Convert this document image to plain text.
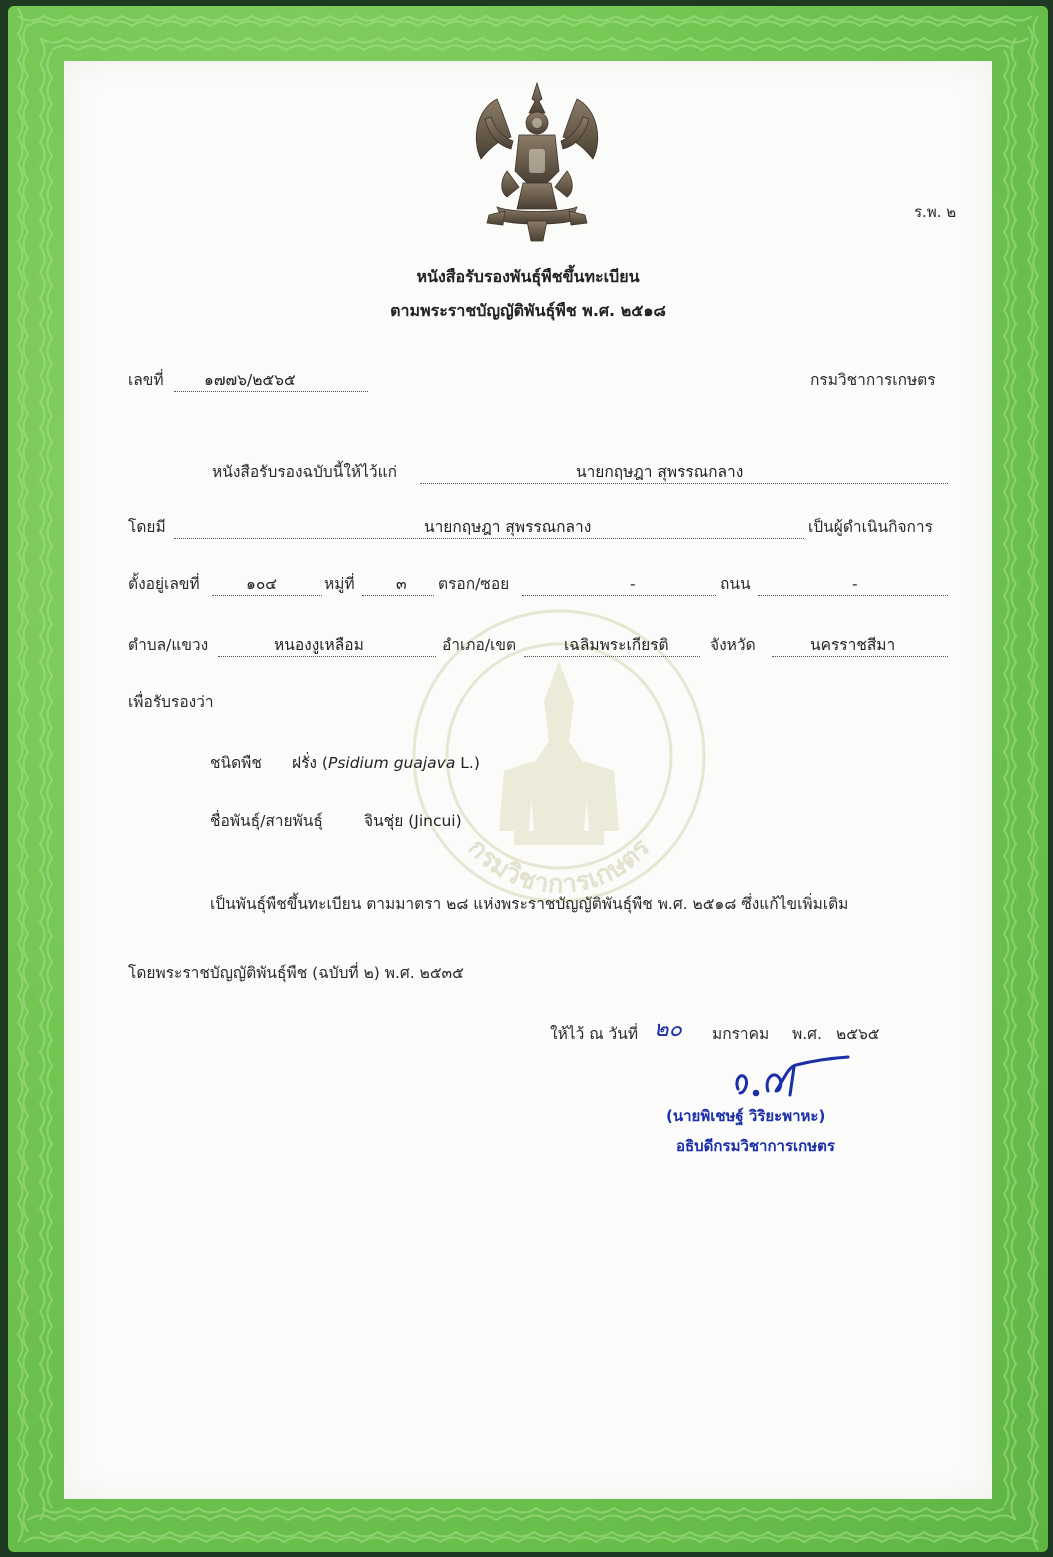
กรมวิชาการเกษตร
ร.พ. ๒
หนังสือรับรองพันธุ์พืชขึ้นทะเบียน
ตามพระราชบัญญัติพันธุ์พืช พ.ศ. ๒๕๑๘
เลขที่	๑๗๗๖/๒๕๖๕	กรมวิชาการเกษตร
หนังสือรับรองฉบับนี้ให้ไว้แก่	นายกฤษฎา สุพรรณกลาง
โดยมี	นายกฤษฎา สุพรรณกลาง	เป็นผู้ดำเนินกิจการ
ตั้งอยู่เลขที่	๑๐๔	หมู่ที่	๓ ตรอก/ซอย	-	ถนน	-
ตำบล/แขวง	หนองงูเหลือม	อำเภอ/เขต	เฉลิมพระเกียรติ	จังหวัด	นครราชสีมา
เพื่อรับรองว่า
ชนิดพืช ฝรั่ง (Psidium guajava L.)
ชื่อพันธุ์/สายพันธุ์	จินชุ่ย (Jincui)
เป็นพันธุ์พืชขึ้นทะเบียน ตามมาตรา ๒๘ แห่งพระราชบัญญัติพันธุ์พืช พ.ศ. ๒๕๑๘ ซึ่งแก้ไขเพิ่มเติม
โดยพระราชบัญญัติพันธุ์พืช (ฉบับที่ ๒) พ.ศ. ๒๕๓๕
ให้ไว้ ณ วันที่ ๒๐ มกราคม พ.ศ. ๒๕๖๕
(นายพิเชษฐ์ วิริยะพาหะ)
อธิบดีกรมวิชาการเกษตร
